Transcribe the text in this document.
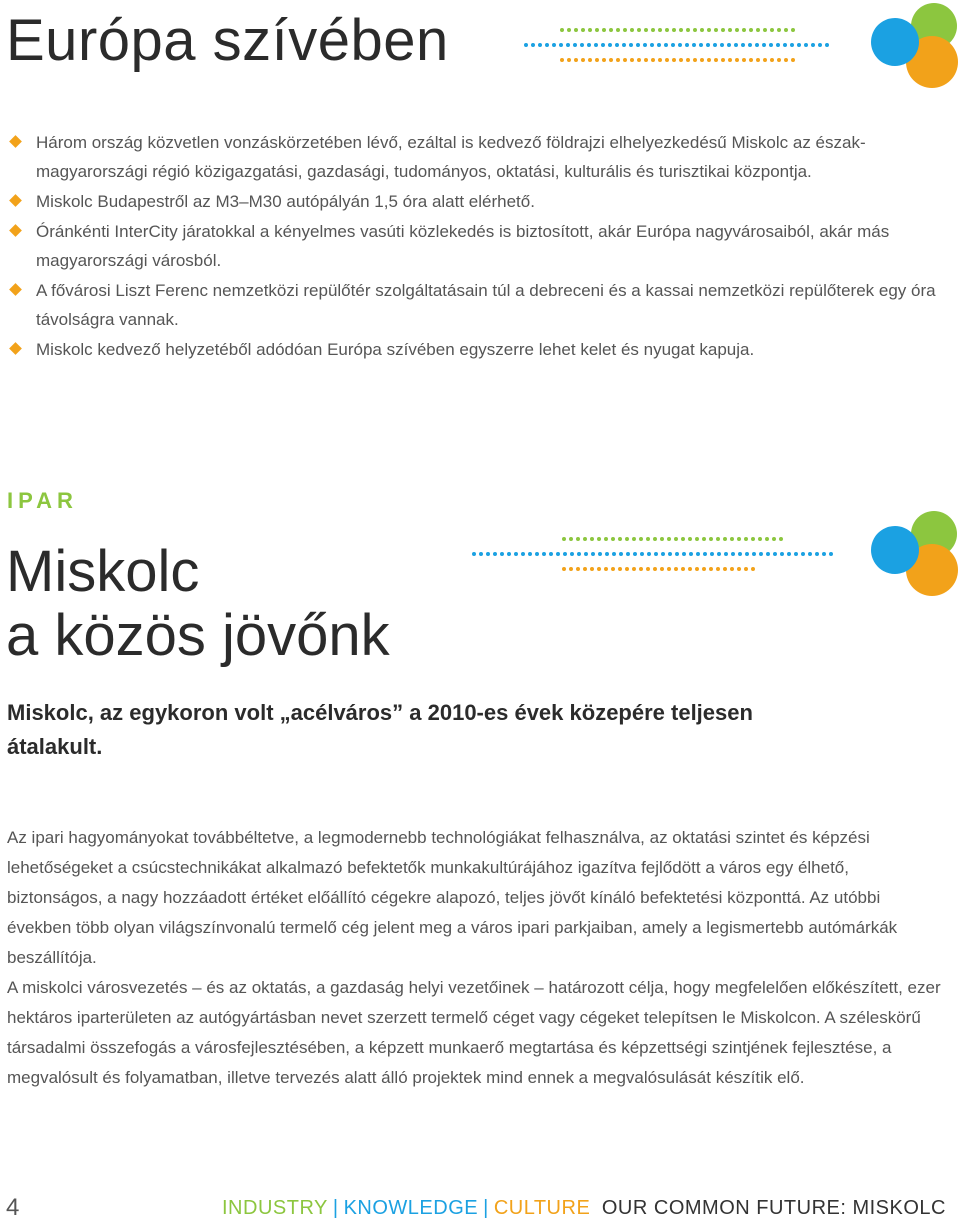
Európa szívében
Három ország közvetlen vonzáskörzetében lévő, ezáltal is kedvező földrajzi elhelyezkedésű Miskolc az észak-magyarországi régió közigazgatási, gazdasági, tudományos, oktatási, kulturális és turisztikai központja.
Miskolc Budapestről az M3–M30 autópályán 1,5 óra alatt elérhető.
Óránkénti InterCity járatokkal a kényelmes vasúti közlekedés is biztosított, akár Európa nagyvárosaiból, akár más magyarországi városból.
A fővárosi Liszt Ferenc nemzetközi repülőtér szolgáltatásain túl a debreceni és a kassai nemzetközi repülőterek egy óra távolságra vannak.
Miskolc kedvező helyzetéből adódóan Európa szívében egyszerre lehet kelet és nyugat kapuja.
IPAR
Miskolc
a közös jövőnk
Miskolc, az egykoron volt „acélváros” a 2010-es évek közepére teljesen átalakult.

Az ipari hagyományokat továbbéltetve, a legmodernebb technológiákat felhasználva, az oktatási szintet és képzési lehetőségeket a csúcstechnikákat alkalmazó befektetők munkakultúrájához igazítva fejlődött a város egy élhető, biztonságos, a nagy hozzáadott értéket előállító cégekre alapozó, teljes jövőt kínáló befektetési központtá. Az utóbbi években több olyan világszínvonalú termelő cég jelent meg a város ipari parkjaiban, amely a legismertebb autómárkák beszállítója.

A miskolci városvezetés – és az oktatás, a gazdaság helyi vezetőinek – határozott célja, hogy megfelelően előkészített, ezer hektáros iparterületen az autógyártásban nevet szerzett termelő céget vagy cégeket telepítsen le Miskolcon. A széleskörű társadalmi összefogás a városfejlesztésében, a képzett munkaerő megtartása és képzettségi szintjének fejlesztése, a megvalósult és folyamatban, illetve tervezés alatt álló projektek mind ennek a megvalósulását készítik elő.

4	INDUSTRY | KNOWLEDGE | CULTURE OUR COMMON FUTURE: MISKOLC
